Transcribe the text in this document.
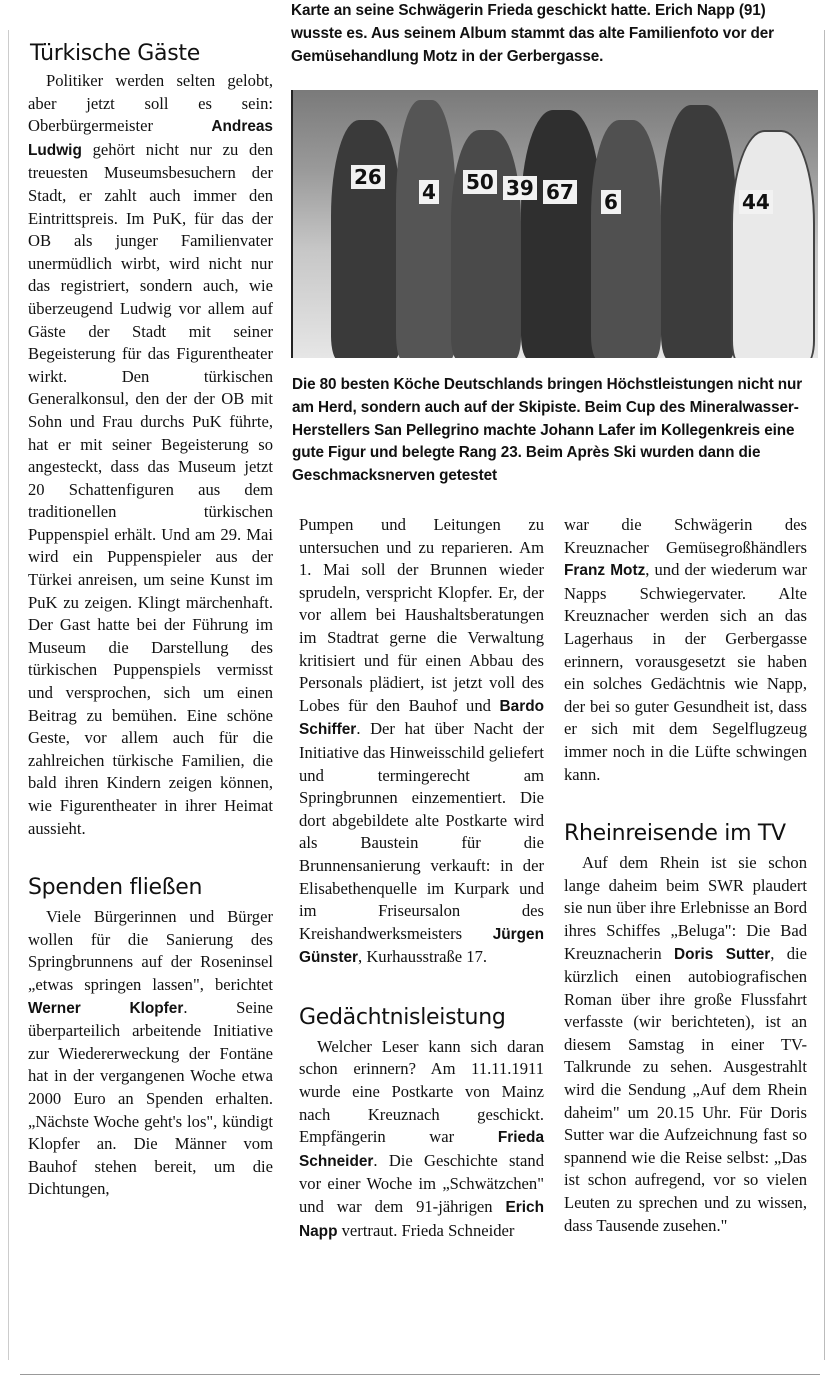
Türkische Gäste

Politiker werden selten gelobt, aber jetzt soll es sein: Oberbürgermeister Andreas Ludwig gehört nicht nur zu den treuesten Museumsbesuchern der Stadt, er zahlt auch immer den Eintrittspreis. Im PuK, für das der OB als junger Familienvater unermüdlich wirbt, wird nicht nur das registriert, sondern auch, wie überzeugend Ludwig vor allem auf Gäste der Stadt mit seiner Begeisterung für das Figurentheater wirkt. Den türkischen Generalkonsul, den der der OB mit Sohn und Frau durchs PuK führte, hat er mit seiner Begeisterung so angesteckt, dass das Museum jetzt 20 Schattenfiguren aus dem traditionellen türkischen Puppenspiel erhält. Und am 29. Mai wird ein Puppenspieler aus der Türkei anreisen, um seine Kunst im PuK zu zeigen. Klingt märchenhaft. Der Gast hatte bei der Führung im Museum die Darstellung des türkischen Puppenspiels vermisst und versprochen, sich um einen Beitrag zu bemühen. Eine schöne Geste, vor allem auch für die zahlreichen türkische Familien, die bald ihren Kindern zeigen können, wie Figurentheater in ihrer Heimat aussieht.

Spenden fließen

Viele Bürgerinnen und Bürger wollen für die Sanierung des Springbrunnens auf der Roseninsel „etwas springen lassen", berichtet Werner Klopfer. Seine überparteilich arbeitende Initiative zur Wiedererweckung der Fontäne hat in der vergangenen Woche etwa 2000 Euro an Spenden erhalten. „Nächste Woche geht's los", kündigt Klopfer an. Die Männer vom Bauhof stehen bereit, um die Dichtungen,

Karte an seine Schwägerin Frieda geschickt hatte. Erich Napp (91) wusste es. Aus seinem Album stammt das alte Familienfoto vor der Gemüsehandlung Motz in der Gerbergasse.

26
4 50 39 67 6	44

Die 80 besten Köche Deutschlands bringen Höchstleistungen nicht nur am Herd, sondern auch auf der Skipiste. Beim Cup des Mineralwasser-Herstellers San Pellegrino machte Johann Lafer im Kollegenkreis eine gute Figur und belegte Rang 23. Beim Après Ski wurden dann die Geschmacksnerven getestet

Pumpen und Leitungen zu untersuchen und zu reparieren. Am 1. Mai soll der Brunnen wieder sprudeln, verspricht Klopfer. Er, der vor allem bei Haushaltsberatungen im Stadtrat gerne die Verwaltung kritisiert und für einen Abbau des Personals plädiert, ist jetzt voll des Lobes für den Bauhof und Bardo Schiffer. Der hat über Nacht der Initiative das Hinweisschild geliefert und termingerecht am Springbrunnen einzementiert. Die dort abgebildete alte Postkarte wird als Baustein für die Brunnensanierung verkauft: in der Elisabethenquelle im Kurpark und im Friseursalon des Kreishandwerksmeisters Jürgen Günster, Kurhausstraße 17.

Gedächtnisleistung

Welcher Leser kann sich daran schon erinnern? Am 11.11.1911 wurde eine Postkarte von Mainz nach Kreuznach geschickt. Empfängerin war Frieda Schneider. Die Geschichte stand vor einer Woche im „Schwätzchen" und war dem 91-jährigen Erich Napp vertraut. Frieda Schneider

war die Schwägerin des Kreuznacher Gemüsegroßhändlers Franz Motz, und der wiederum war Napps Schwiegervater. Alte Kreuznacher werden sich an das Lagerhaus in der Gerbergasse erinnern, vorausgesetzt sie haben ein solches Gedächtnis wie Napp, der bei so guter Gesundheit ist, dass er sich mit dem Segelflugzeug immer noch in die Lüfte schwingen kann.

Rheinreisende im TV

Auf dem Rhein ist sie schon lange daheim beim SWR plaudert sie nun über ihre Erlebnisse an Bord ihres Schiffes „Beluga": Die Bad Kreuznacherin Doris Sutter, die kürzlich einen autobiografischen Roman über ihre große Flussfahrt verfasste (wir berichteten), ist an diesem Samstag in einer TV-Talkrunde zu sehen. Ausgestrahlt wird die Sendung „Auf dem Rhein daheim" um 20.15 Uhr. Für Doris Sutter war die Aufzeichnung fast so spannend wie die Reise selbst: „Das ist schon aufregend, vor so vielen Leuten zu sprechen und zu wissen, dass Tausende zusehen."
